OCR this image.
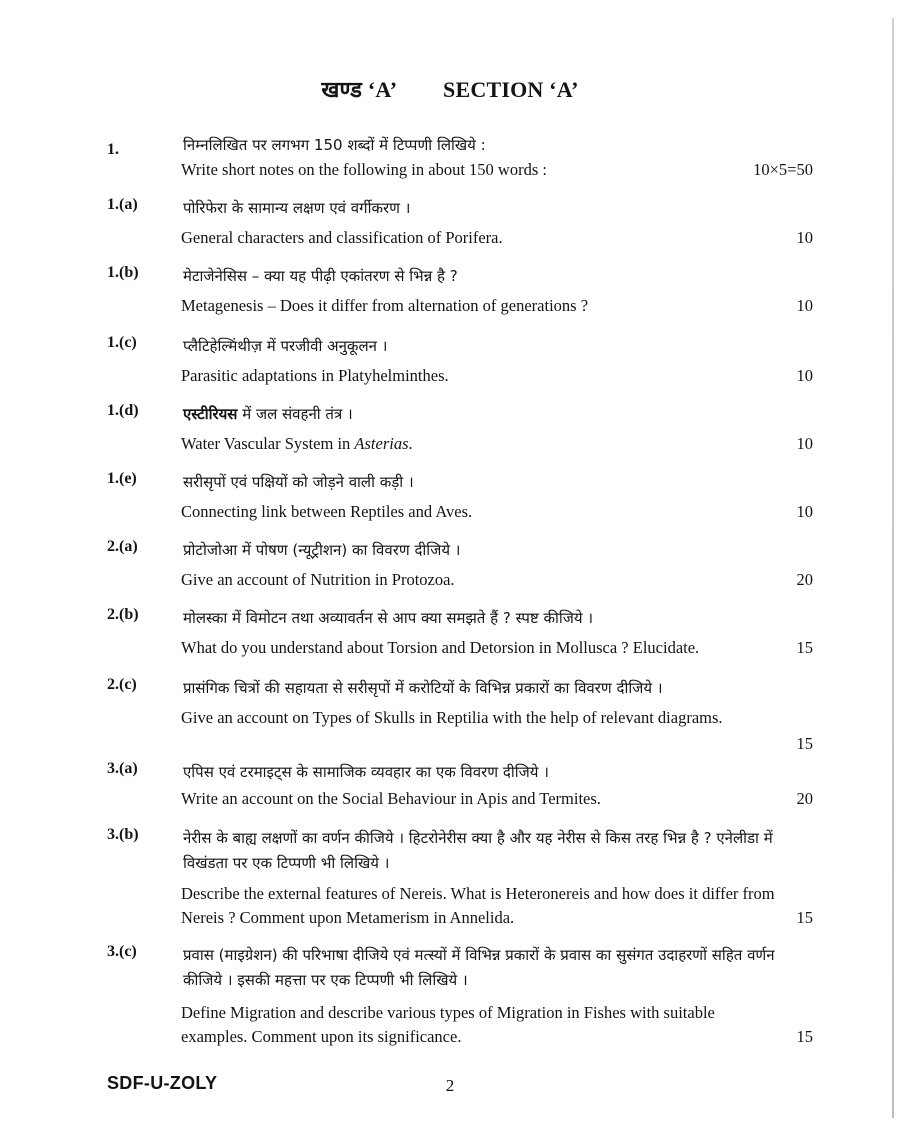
खण्ड ‘A’ SECTION ‘A’
1.	निम्नलिखित पर लगभग 150 शब्दों में टिप्पणी लिखिये :
Write short notes on the following in about 150 words :	10×5=50
1.(a)	पोरिफेरा के सामान्य लक्षण एवं वर्गीकरण ।
General characters and classification of Porifera.	10
1.(b)	मेटाजेनेसिस – क्या यह पीढ़ी एकांतरण से भिन्न है ?
Metagenesis – Does it differ from alternation of generations ?	10
1.(c)	प्लैटिहेल्मिंथीज़ में परजीवी अनुकूलन ।
Parasitic adaptations in Platyhelminthes.	10
1.(d)	एस्टीरियस में जल संवहनी तंत्र ।
Water Vascular System in Asterias.	10
1.(e)	सरीसृपों एवं पक्षियों को जोड़ने वाली कड़ी ।
Connecting link between Reptiles and Aves.	10
2.(a)	प्रोटोजोआ में पोषण (न्यूट्रीशन) का विवरण दीजिये ।
Give an account of Nutrition in Protozoa.	20
2.(b)	मोलस्का में विमोटन तथा अव्यावर्तन से आप क्या समझते हैं ? स्पष्ट कीजिये ।
What do you understand about Torsion and Detorsion in Mollusca ? Elucidate.	15
2.(c)	प्रासंगिक चित्रों की सहायता से सरीसृपों में करोटियों के विभिन्न प्रकारों का विवरण दीजिये ।
Give an account on Types of Skulls in Reptilia with the help of relevant diagrams.
15
3.(a)	एपिस एवं टरमाइट्स के सामाजिक व्यवहार का एक विवरण दीजिये ।
Write an account on the Social Behaviour in Apis and Termites.	20
3.(b)	नेरीस के बाह्य लक्षणों का वर्णन कीजिये । हिटरोनेरीस क्या है और यह नेरीस से किस तरह भिन्न है ? एनेलीडा में विखंडता पर एक टिप्पणी भी लिखिये ।
Describe the external features of Nereis. What is Heteronereis and how does it differ from Nereis ? Comment upon Metamerism in Annelida.	15
3.(c)	प्रवास (माइग्रेशन) की परिभाषा दीजिये एवं मत्स्यों में विभिन्न प्रकारों के प्रवास का सुसंगत उदाहरणों सहित वर्णन कीजिये । इसकी महत्ता पर एक टिप्पणी भी लिखिये ।
Define Migration and describe various types of Migration in Fishes with suitable examples. Comment upon its significance.	15
SDF-U-ZOLY	2
